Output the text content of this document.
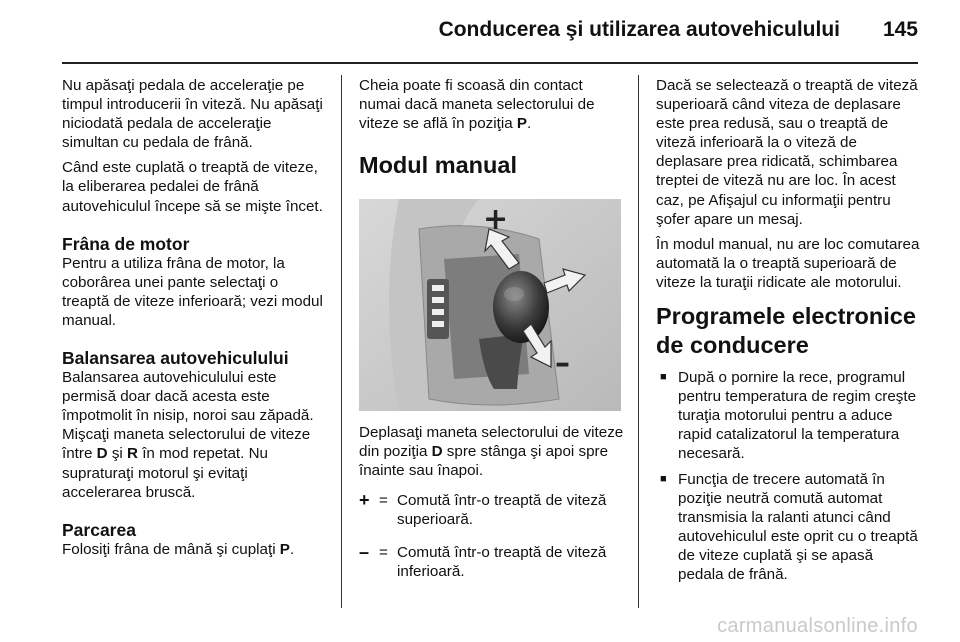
Conducerea şi utilizarea autovehiculului 145

Nu apăsaţi pedala de acceleraţie pe timpul introducerii în viteză. Nu apăsaţi niciodată pedala de acceleraţie simultan cu pedala de frână.

Când este cuplată o treaptă de viteze, la eliberarea pedalei de frână autovehiculul începe să se mişte încet.

Frâna de motor

Pentru a utiliza frâna de motor, la coborârea unei pante selectaţi o treaptă de viteze inferioară; vezi modul manual.

Balansarea autovehiculului

Balansarea autovehiculului este permisă doar dacă acesta este împotmolit în nisip, noroi sau zăpadă. Mişcaţi maneta selectorului de viteze între D şi R în mod repetat. Nu supraturaţi motorul şi evitaţi accelerarea bruscă.

Parcarea

Folosiţi frâna de mână şi cuplaţi P.

Cheia poate fi scoasă din contact numai dacă maneta selectorului de viteze se află în poziţia P.

Modul manual
+
–

Deplasaţi maneta selectorului de viteze din poziţia D spre stânga şi apoi spre înainte sau înapoi.

+ = Comută într-o treaptă de viteză superioară.
– = Comută într-o treaptă de viteză inferioară.

Dacă se selectează o treaptă de viteză superioară când viteza de deplasare este prea redusă, sau o treaptă de viteză inferioară la o viteză de deplasare prea ridicată, schimbarea treptei de viteză nu are loc. În acest caz, pe Afişajul cu informaţii pentru şofer apare un mesaj.

În modul manual, nu are loc comutarea automată la o treaptă superioară de viteze la turaţii ridicate ale motorului.

Programele electronice de conducere
■ După o pornire la rece, programul pentru temperatura de regim creşte turaţia motorului pentru a aduce rapid catalizatorul la temperatura necesară.
■ Funcţia de trecere automată în poziţie neutră comută automat transmisia la ralanti atunci când autovehiculul este oprit cu o treaptă de viteze cuplată şi se apasă pedala de frână.
carmanualsonline.info
